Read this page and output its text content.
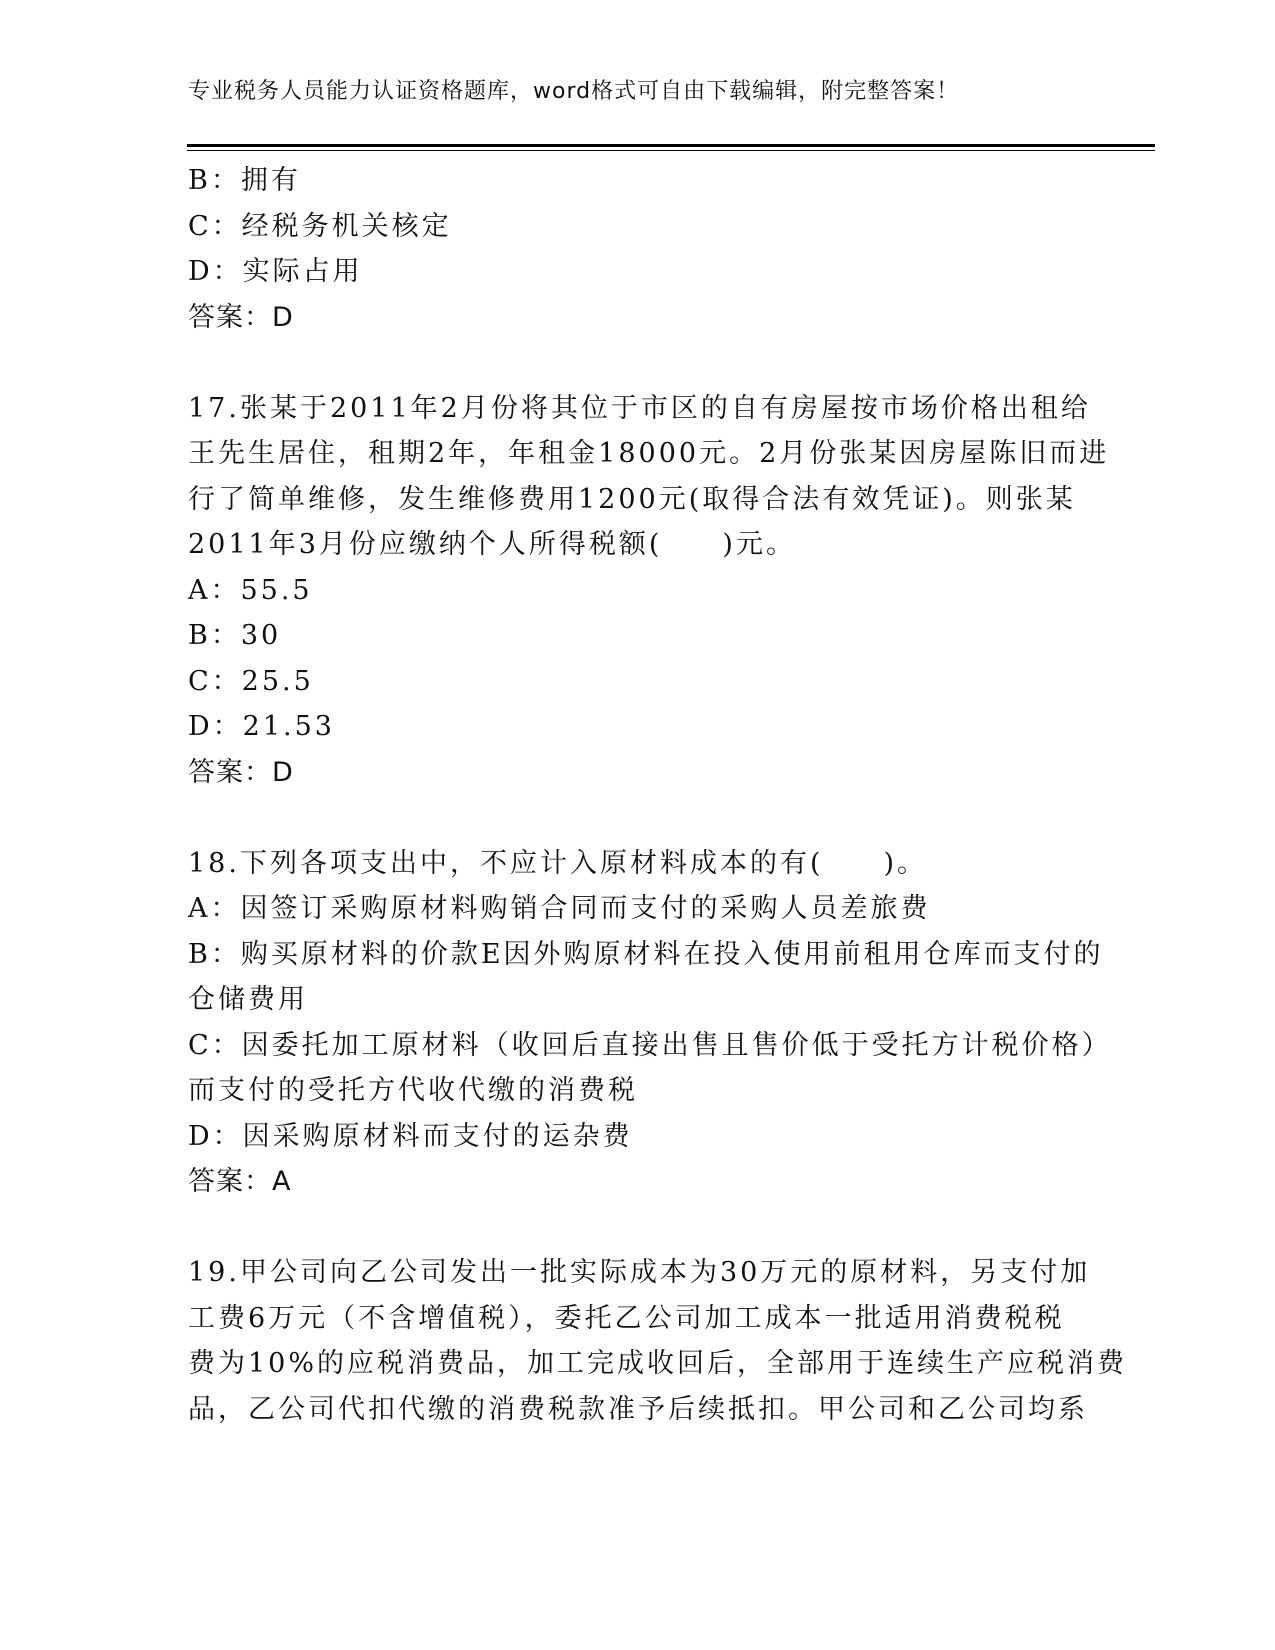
专业税务人员能力认证资格题库，word格式可自由下载编辑，附完整答案！
B：拥有
C：经税务机关核定
D：实际占用
答案：D
17.张某于2011年2月份将其位于市区的自有房屋按市场价格出租给
王先生居住，租期2年，年租金18000元。2月份张某因房屋陈旧而进
行了简单维修，发生维修费用1200元(取得合法有效凭证)。则张某
2011年3月份应缴纳个人所得税额(　　)元。
A：55.5
B：30
C：25.5
D：21.53
答案：D
18.下列各项支出中，不应计入原材料成本的有(　　)。
A：因签订采购原材料购销合同而支付的采购人员差旅费
B：购买原材料的价款E因外购原材料在投入使用前租用仓库而支付的
仓储费用
C：因委托加工原材料（收回后直接出售且售价低于受托方计税价格）
而支付的受托方代收代缴的消费税
D：因采购原材料而支付的运杂费
答案：A
19.甲公司向乙公司发出一批实际成本为30万元的原材料，另支付加
工费6万元（不含增值税），委托乙公司加工成本一批适用消费税税
费为10%的应税消费品，加工完成收回后，全部用于连续生产应税消费
品，乙公司代扣代缴的消费税款准予后续抵扣。甲公司和乙公司均系
